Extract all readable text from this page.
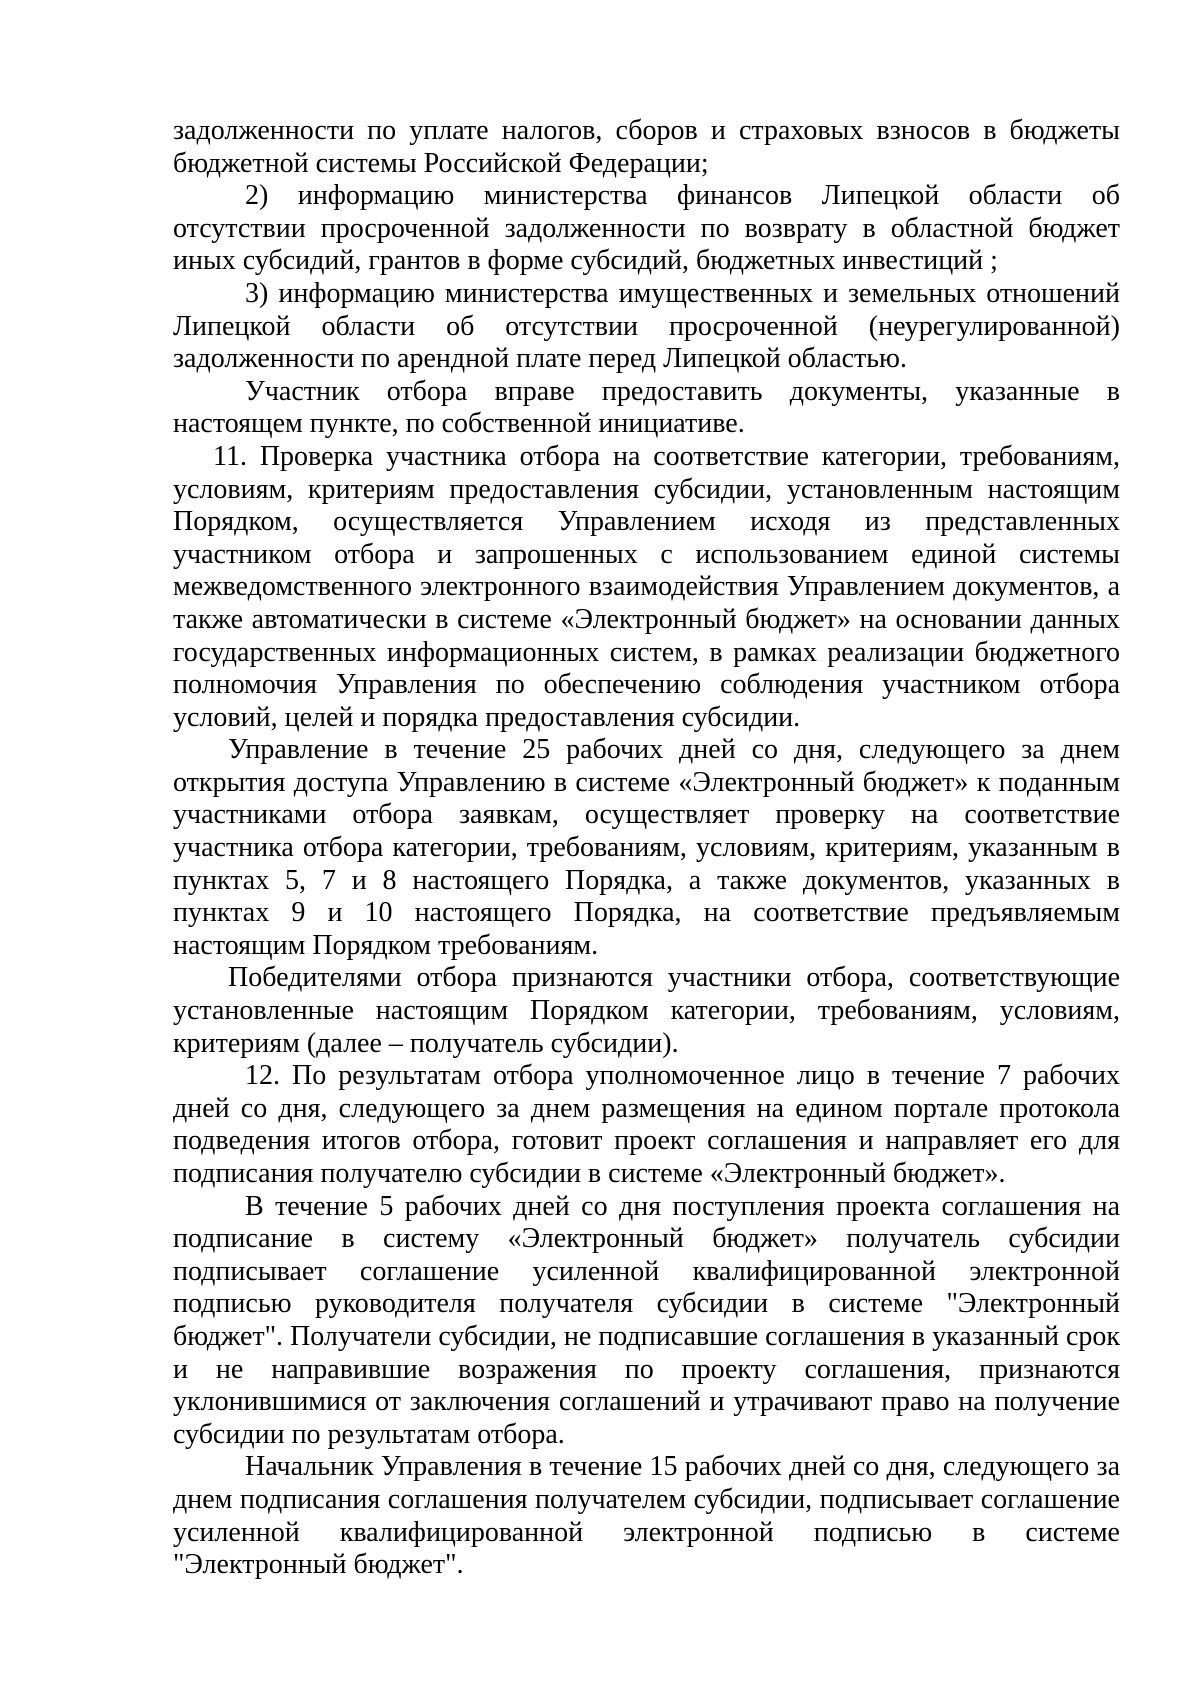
задолженности по уплате налогов, сборов и страховых взносов в бюджеты бюджетной системы Российской Федерации;

2) информацию министерства финансов Липецкой области об отсутствии просроченной задолженности по возврату в областной бюджет иных субсидий, грантов в форме субсидий, бюджетных инвестиций ;

3) информацию министерства имущественных и земельных отношений Липецкой области об отсутствии просроченной (неурегулированной) задолженности по арендной плате перед Липецкой областью.

Участник отбора вправе предоставить документы, указанные в настоящем пункте, по собственной инициативе.

11. Проверка участника отбора на соответствие категории, требованиям, условиям, критериям предоставления субсидии, установленным настоящим Порядком, осуществляется Управлением исходя из представленных участником отбора и запрошенных с использованием единой системы межведомственного электронного взаимодействия Управлением документов, а также автоматически в системе «Электронный бюджет» на основании данных государственных информационных систем, в рамках реализации бюджетного полномочия Управления по обеспечению соблюдения участником отбора условий, целей и порядка предоставления субсидии.

Управление в течение 25 рабочих дней со дня, следующего за днем открытия доступа Управлению в системе «Электронный бюджет» к поданным участниками отбора заявкам, осуществляет проверку на соответствие участника отбора категории, требованиям, условиям, критериям, указанным в пунктах 5, 7 и 8 настоящего Порядка, а также документов, указанных в пунктах 9 и 10 настоящего Порядка, на соответствие предъявляемым настоящим Порядком требованиям.

Победителями отбора признаются участники отбора, соответствующие установленные настоящим Порядком категории, требованиям, условиям, критериям (далее – получатель субсидии).

12. По результатам отбора уполномоченное лицо в течение 7 рабочих дней со дня, следующего за днем размещения на едином портале протокола подведения итогов отбора, готовит проект соглашения и направляет его для подписания получателю субсидии в системе «Электронный бюджет».

В течение 5 рабочих дней со дня поступления проекта соглашения на подписание в систему «Электронный бюджет» получатель субсидии подписывает соглашение усиленной квалифицированной электронной подписью руководителя получателя субсидии в системе "Электронный бюджет". Получатели субсидии, не подписавшие соглашения в указанный срок и не направившие возражения по проекту соглашения, признаются уклонившимися от заключения соглашений и утрачивают право на получение субсидии по результатам отбора.

Начальник Управления в течение 15 рабочих дней со дня, следующего за днем подписания соглашения получателем субсидии, подписывает соглашение усиленной квалифицированной электронной подписью в системе "Электронный бюджет".
